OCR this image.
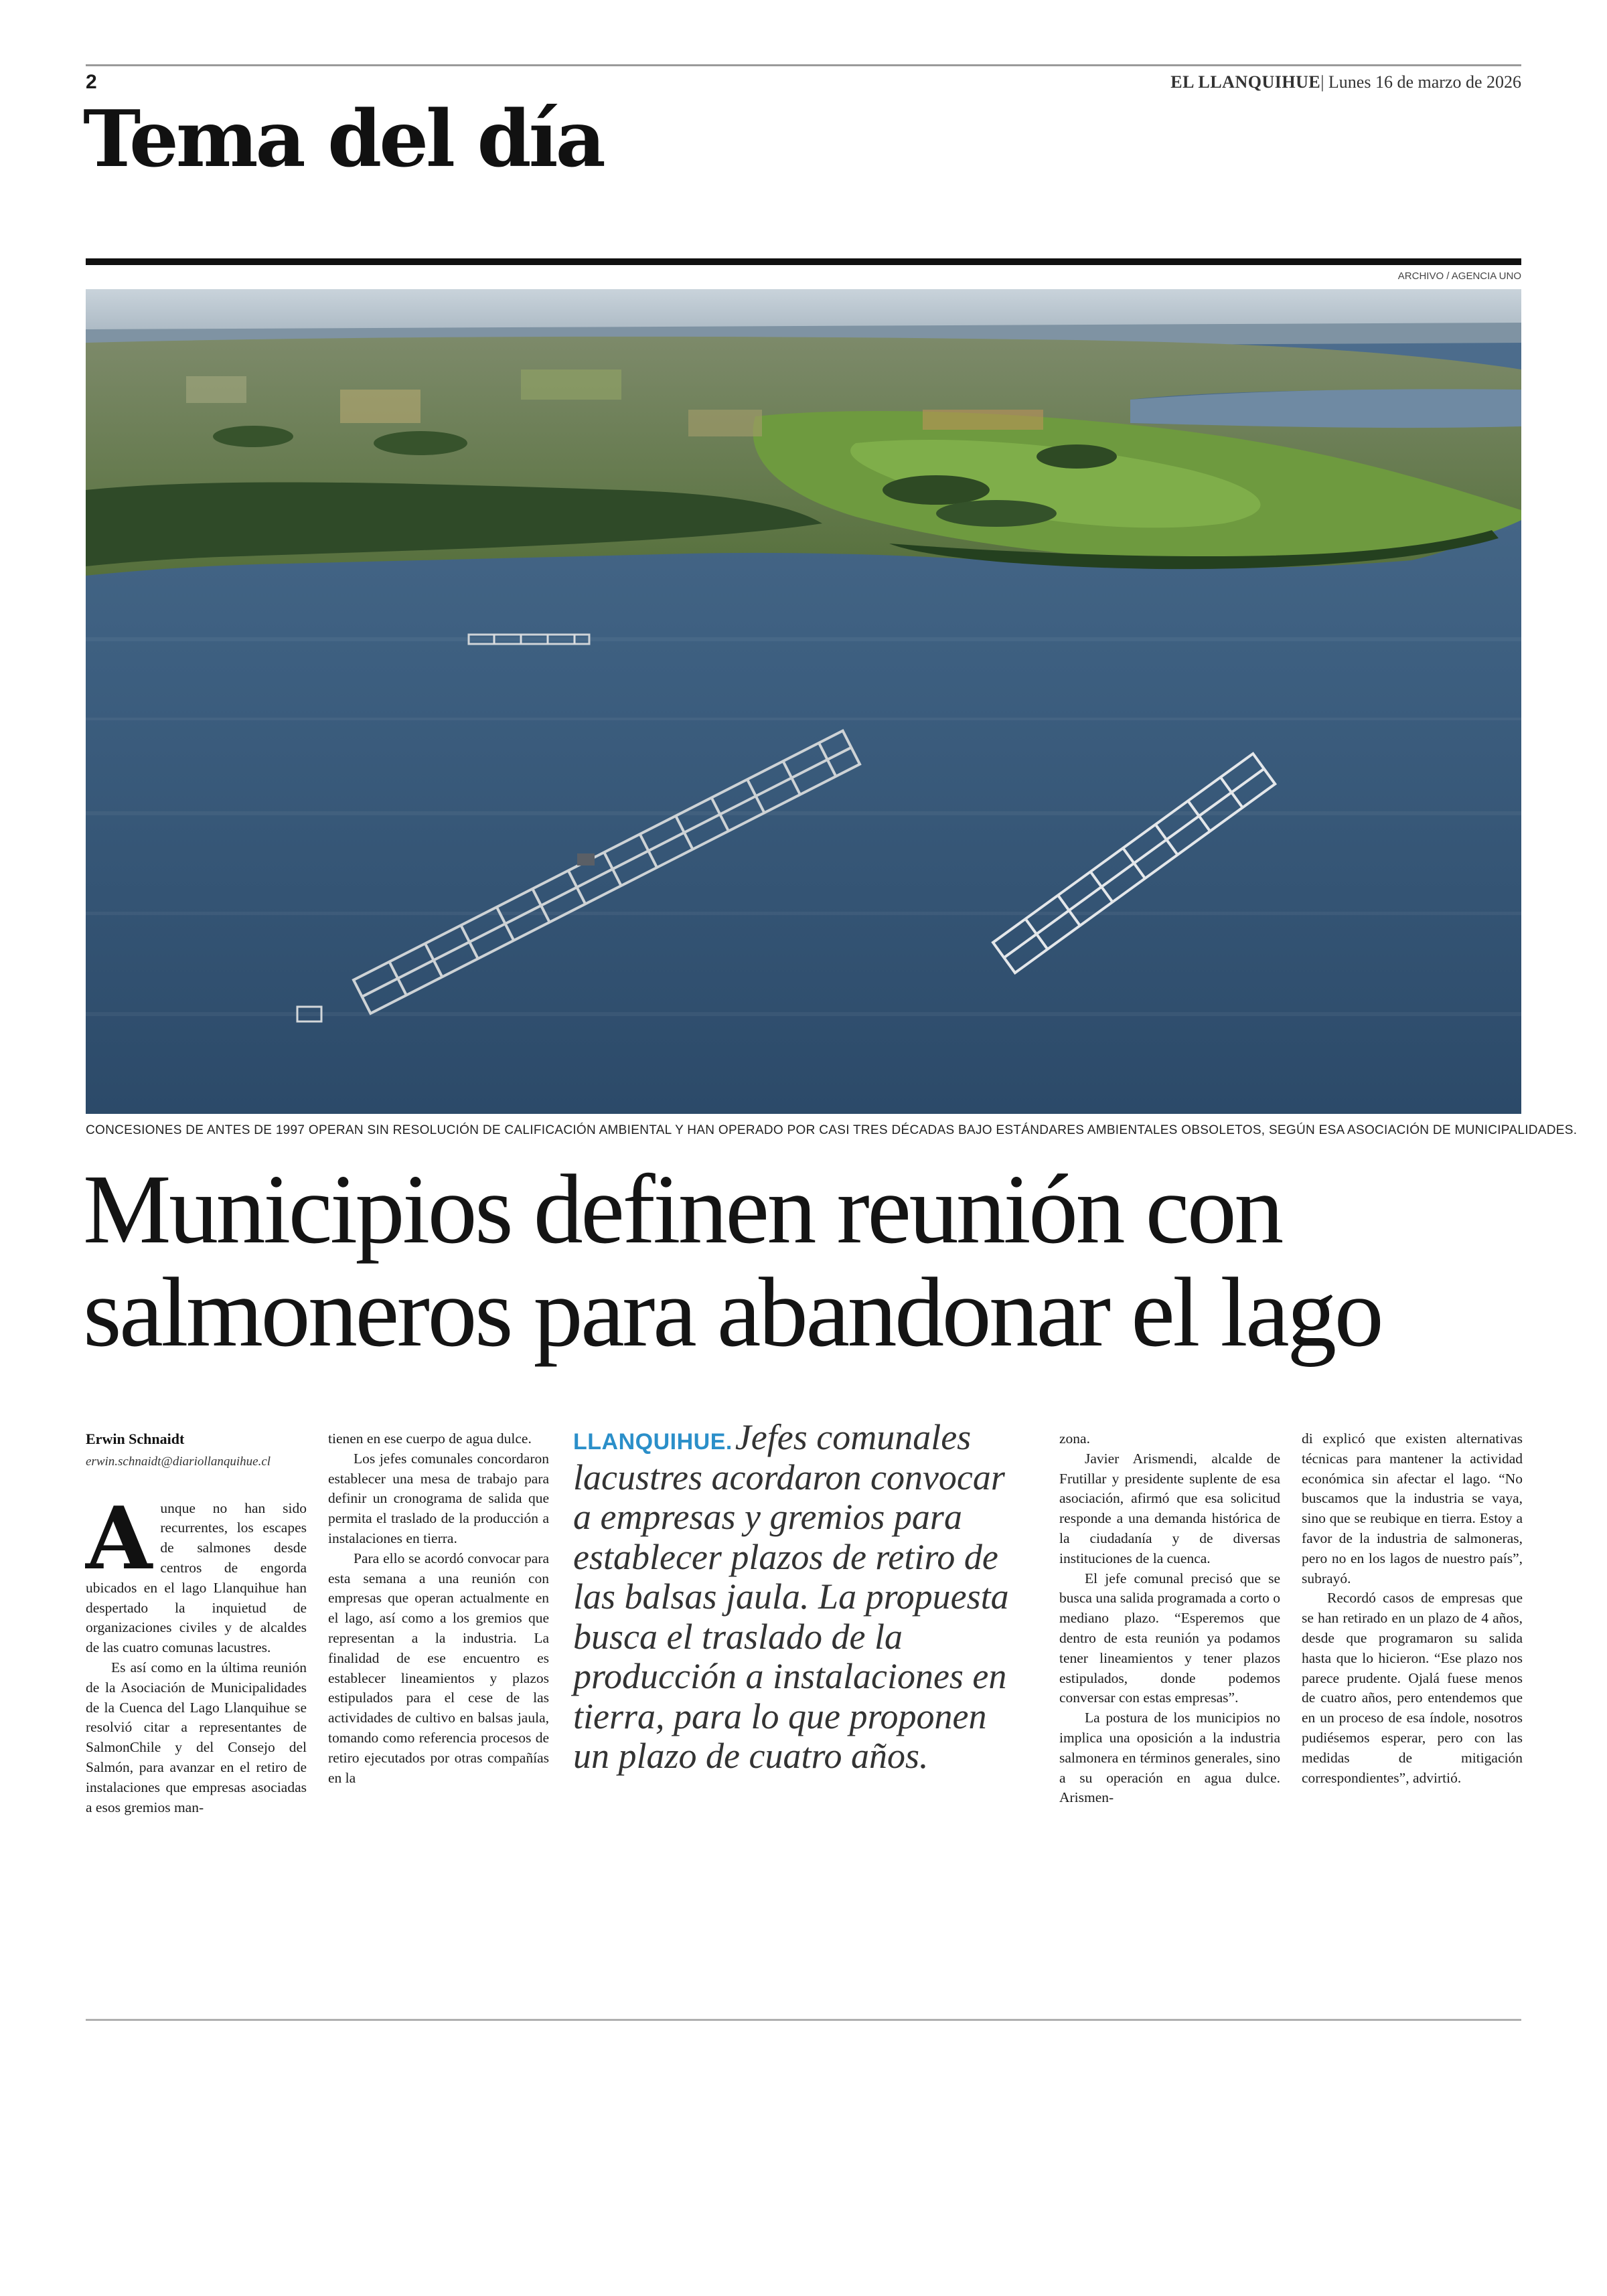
2	EL LLANQUIHUE| Lunes 16 de marzo de 2026
Tema del día
ARCHIVO / AGENCIA UNO
CONCESIONES DE ANTES DE 1997 OPERAN SIN RESOLUCIÓN DE CALIFICACIÓN AMBIENTAL Y HAN OPERADO POR CASI TRES DÉCADAS BAJO ESTÁNDARES AMBIENTALES OBSOLETOS, SEGÚN ESA ASOCIACIÓN DE MUNICIPALIDADES.
Municipios definen reunión con
salmoneros para abandonar el lago
Erwin Schnaidt
erwin.schnaidt@diariollanquihue.cl
A unque no han sido recurrentes, los escapes de salmones desde centros de engorda ubicados en el lago Llanquihue han despertado la inquietud de organizaciones civiles y de alcaldes de las cuatro comunas lacustres.

Es así como en la última reunión de la Asociación de Municipalidades de la Cuenca del Lago Llanquihue se resolvió citar a representantes de SalmonChile y del Consejo del Salmón, para avanzar en el retiro de instalaciones que empresas asociadas a esos gremios man-

tienen en ese cuerpo de agua dulce.

Los jefes comunales concordaron establecer una mesa de trabajo para definir un cronograma de salida que permita el traslado de la producción a instalaciones en tierra.

Para ello se acordó convocar para esta semana a una reunión con empresas que operan actualmente en el lago, así como a los gremios que representan a la industria. La finalidad de ese encuentro es establecer lineamientos y plazos estipulados para el cese de las actividades de cultivo en balsas jaula, tomando como referencia procesos de retiro ejecutados por otras compañías en la

LLANQUIHUE. Jefes comunales lacustres acordaron convocar a empresas y gremios para establecer plazos de retiro de las balsas jaula. La propuesta busca el traslado de la producción a instalaciones en tierra, para lo que proponen un plazo de cuatro años.

zona.

Javier Arismendi, alcalde de Frutillar y presidente suplente de esa asociación, afirmó que esa solicitud responde a una demanda histórica de la ciudadanía y de diversas instituciones de la cuenca.

El jefe comunal precisó que se busca una salida programada a corto o mediano plazo. “Esperemos que dentro de esta reunión ya podamos tener lineamientos y tener plazos estipulados, donde podemos conversar con estas empresas”.

La postura de los municipios no implica una oposición a la industria salmonera en términos generales, sino a su operación en agua dulce. Arismen-

di explicó que existen alternativas técnicas para mantener la actividad económica sin afectar el lago. “No buscamos que la industria se vaya, sino que se reubique en tierra. Estoy a favor de la industria de salmoneras, pero no en los lagos de nuestro país”, subrayó.

Recordó casos de empresas que se han retirado en un plazo de 4 años, desde que programaron su salida hasta que lo hicieron. “Ese plazo nos parece prudente. Ojalá fuese menos de cuatro años, pero entendemos que en un proceso de esa índole, nosotros pudiésemos esperar, pero con las medidas de mitigación correspondientes”, advirtió.
